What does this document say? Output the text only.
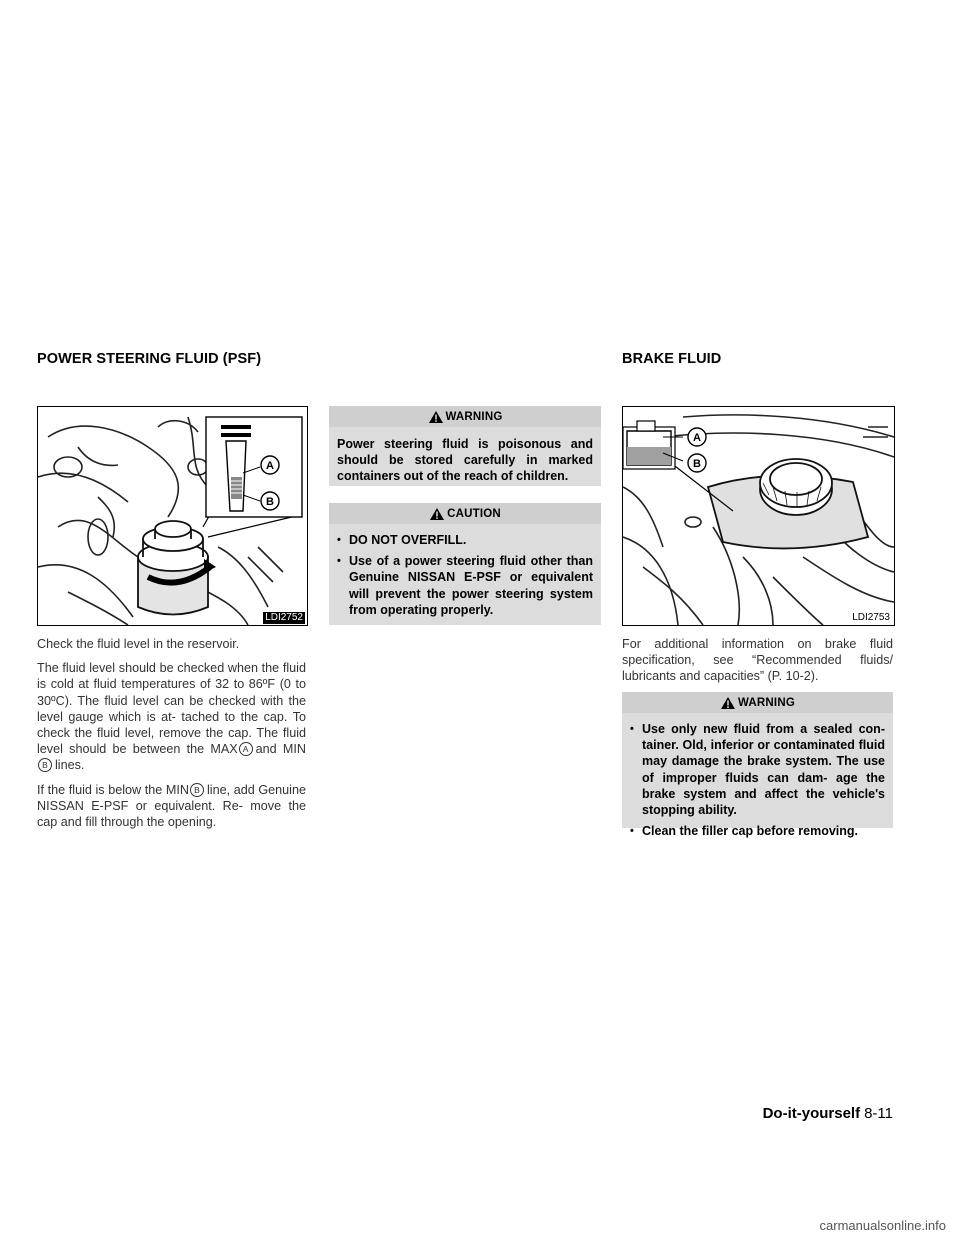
POWER STEERING FLUID (PSF)	BRAKE FLUID
A
B
LDI2752

Check the fluid level in the reservoir.

The fluid level should be checked when the fluid is cold at fluid temperatures of 32 to 86ºF (0 to 30ºC). The fluid level can be checked with the level gauge which is at- tached to the cap. To check the fluid level, remove the cap. The fluid level should be between the MAX A and MINB lines.

If the fluid is below the MIN B line, add Genuine NISSAN E-PSF or equivalent. Re- move the cap and fill through the opening.

WARNING
Power steering fluid is poisonous and should be stored carefully in marked containers out of the reach of children.
CAUTION
• DO NOT OVERFILL.
• Use of a power steering fluid other than Genuine NISSAN E-PSF or equivalent will prevent the power steering system from operating properly.
A
B
LDI2753

For additional information on brake fluid specification, see “Recommended fluids/ lubricants and capacities” (P. 10-2).

WARNING
• Use only new fluid from a sealed con- tainer. Old, inferior or contaminated fluid may damage the brake system. The use of improper fluids can dam- age the brake system and affect the vehicle's stopping ability.
• Clean the filler cap before removing.
Do-it-yourself 8-11
carmanualsonline.info
